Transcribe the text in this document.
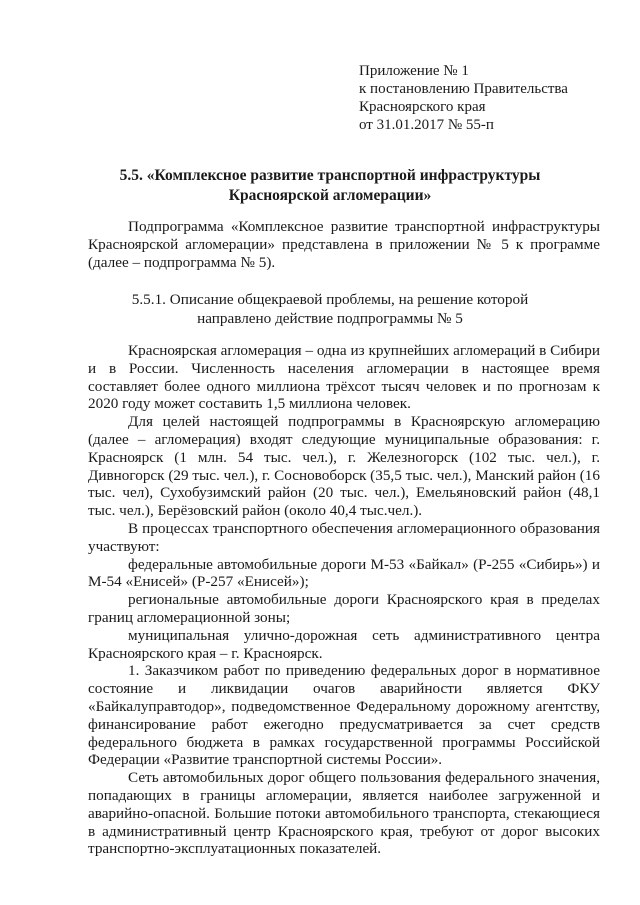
Приложение № 1
к постановлению Правительства
Красноярского края
от 31.01.2017 № 55-п
5.5. «Комплексное развитие транспортной инфраструктуры
Красноярской агломерации»

Подпрограмма «Комплексное развитие транспортной инфраструктуры Красноярской агломерации» представлена в приложении № 5 к программе (далее – подпрограмма № 5).

5.5.1. Описание общекраевой проблемы, на решение которой
направлено действие подпрограммы № 5

Красноярская агломерация – одна из крупнейших агломераций в Сибири и в России. Численность населения агломерации в настоящее время составляет более одного миллиона трёхсот тысяч человек и по прогнозам к 2020 году может составить 1,5 миллиона человек.

Для целей настоящей подпрограммы в Красноярскую агломерацию (далее – агломерация) входят следующие муниципальные образования: г. Красноярск (1 млн. 54 тыс. чел.), г. Железногорск (102 тыс. чел.), г. Дивногорск (29 тыс. чел.), г. Сосновоборск (35,5 тыс. чел.), Манский район (16 тыс. чел), Сухобузимский район (20 тыс. чел.), Емельяновский район (48,1 тыс. чел.), Берёзовский район (около 40,4 тыс.чел.).

В процессах транспортного обеспечения агломерационного образования участвуют:

федеральные автомобильные дороги М-53 «Байкал» (Р-255 «Сибирь») и М-54 «Енисей» (Р-257 «Енисей»);

региональные автомобильные дороги Красноярского края в пределах границ агломерационной зоны;

муниципальная улично-дорожная сеть административного центра Красноярского края – г. Красноярск.

1. Заказчиком работ по приведению федеральных дорог в нормативное состояние и ликвидации очагов аварийности является ФКУ «Байкалуправтодор», подведомственное Федеральному дорожному агентству, финансирование работ ежегодно предусматривается за счет средств федерального бюджета в рамках государственной программы Российской Федерации «Развитие транспортной системы России».

Сеть автомобильных дорог общего пользования федерального значения, попадающих в границы агломерации, является наиболее загруженной и аварийно-опасной. Большие потоки автомобильного транспорта, стекающиеся в административный центр Красноярского края, требуют от дорог высоких транспортно-эксплуатационных показателей.
